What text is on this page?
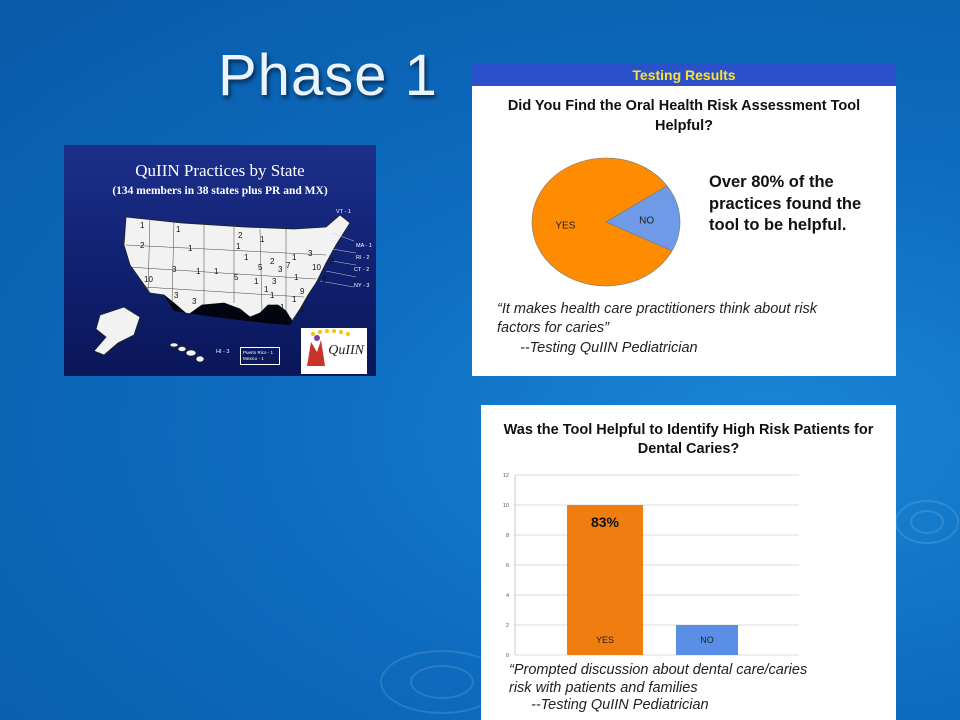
Phase 1
QuIIN Practices by State
(134 members in 38 states plus PR and MX)
1	1
2	1	1
2 1
10
3 1 1
1	2
5 3 7
1 3
5 1
1
3 1
10
3
3
1
1
1
9
1
3
3
6
VT - 1
MA - 1
RI - 2
CT - 2
NY - 3
HI - 3	Puerto Rico - 1
Mexico - 1
QuIIN
Testing Results
Did You Find the Oral Health Risk Assessment Tool Helpful?
YES	NO
Over 80% of the practices found the tool to be helpful.
“It makes health care practitioners think about risk factors for caries”
--Testing QuIIN Pediatrician
Was the Tool Helpful to Identify High Risk Patients for Dental Caries?
0
2
4
6
8
10
12
YES
83%
NO
“Prompted discussion about dental care/caries risk with patients and families
--Testing QuIIN Pediatrician
